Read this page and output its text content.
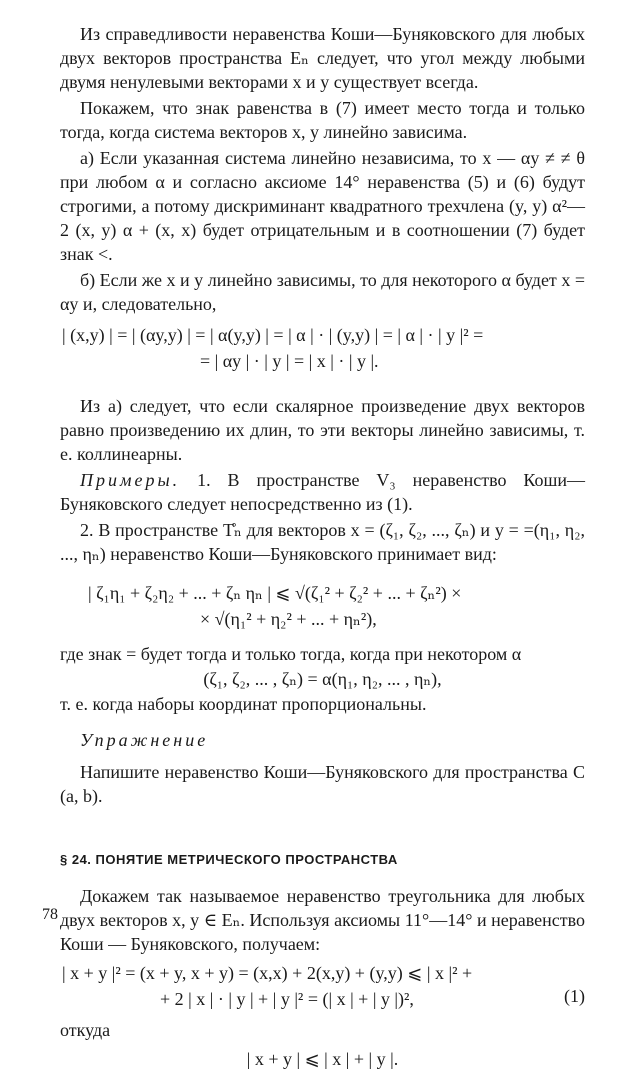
Из справедливости неравенства Коши—Буняковского для любых двух векторов пространства Eₙ следует, что угол между любыми двумя ненулевыми векторами x и y существует всегда.

Покажем, что знак равенства в (7) имеет место тогда и только тогда, когда система векторов x, y линейно зависима.

а) Если указанная система линейно независима, то x — αy ≠ ≠ θ при любом α и согласно аксиоме 14° неравенства (5) и (6) будут строгими, а потому дискриминант квадратного трехчлена (y, y) α²— 2 (x, y) α + (x, x) будет отрицательным и в соотношении (7) будет знак <.

б) Если же x и y линейно зависимы, то для некоторого α будет x = αy и, следовательно,

| (x,y) | = | (αy,y) | = | α(y,y) | = | α | · | (y,y) | = | α | · | y |² =

= | αy | · | y | = | x | · | y |.

Из а) следует, что если скалярное произведение двух векторов равно произведению их длин, то эти векторы линейно зависимы, т. е. коллинеарны.

Примеры. 1. В пространстве V₃ неравенство Коши—Буняковского следует непосредственно из (1).

2. В пространстве T̊ₙ для векторов x = (ζ₁, ζ₂, ..., ζₙ) и y = =(η₁, η₂, ..., ηₙ) неравенство Коши—Буняковского принимает вид:

| ζ₁η₁ + ζ₂η₂ + ... + ζₙ ηₙ | ⩽ √(ζ₁² + ζ₂² + ... + ζₙ²) ×

× √(η₁² + η₂² + ... + ηₙ²),

где знак = будет тогда и только тогда, когда при некотором α

(ζ₁, ζ₂, ... , ζₙ) = α(η₁, η₂, ... , ηₙ),

т. е. когда наборы координат пропорциональны.

Упражнение

Напишите неравенство Коши—Буняковского для пространства C (a, b).

§ 24. ПОНЯТИЕ МЕТРИЧЕСКОГО ПРОСТРАНСТВА

Докажем так называемое неравенство треугольника для любых двух векторов x, y ∈ Eₙ. Используя аксиомы 11°—14° и неравенство Коши — Буняковского, получаем:

| x + y |² = (x + y, x + y) = (x,x) + 2(x,y) + (y,y) ⩽ | x |² +

+ 2 | x | · | y | + | y |² = (| x | + | y |)²,	(1)

откуда

| x + y | ⩽ | x | + | y |.

78
